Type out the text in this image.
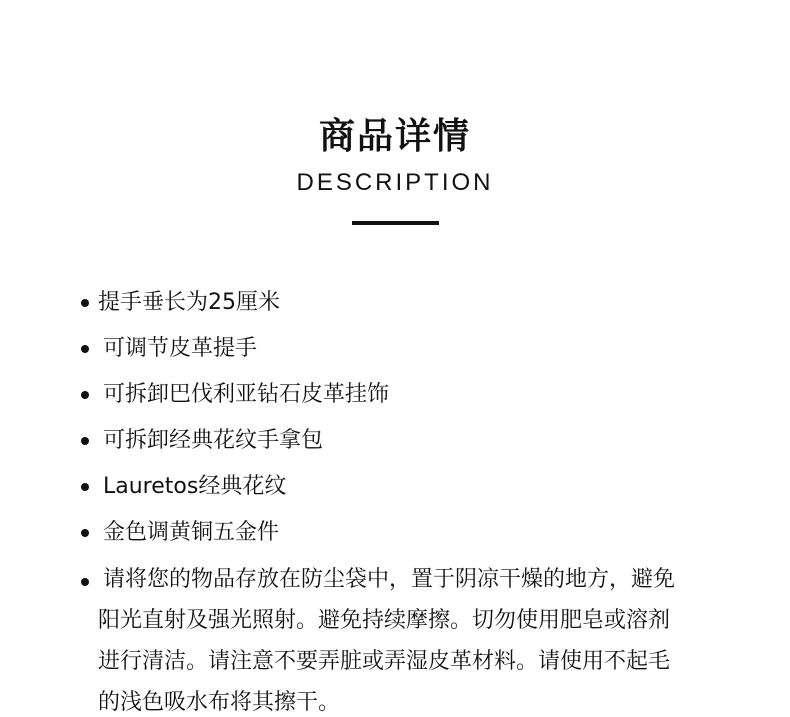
商品详情
DESCRIPTION
提手垂长为25厘米
可调节皮革提手
可拆卸巴伐利亚钻石皮革挂饰
可拆卸经典花纹手拿包
Lauretos经典花纹
金色调黄铜五金件
请将您的物品存放在防尘袋中，置于阴凉干燥的地方，避免
阳光直射及强光照射。避免持续摩擦。切勿使用肥皂或溶剂
进行清洁。请注意不要弄脏或弄湿皮革材料。请使用不起毛
的浅色吸水布将其擦干。
